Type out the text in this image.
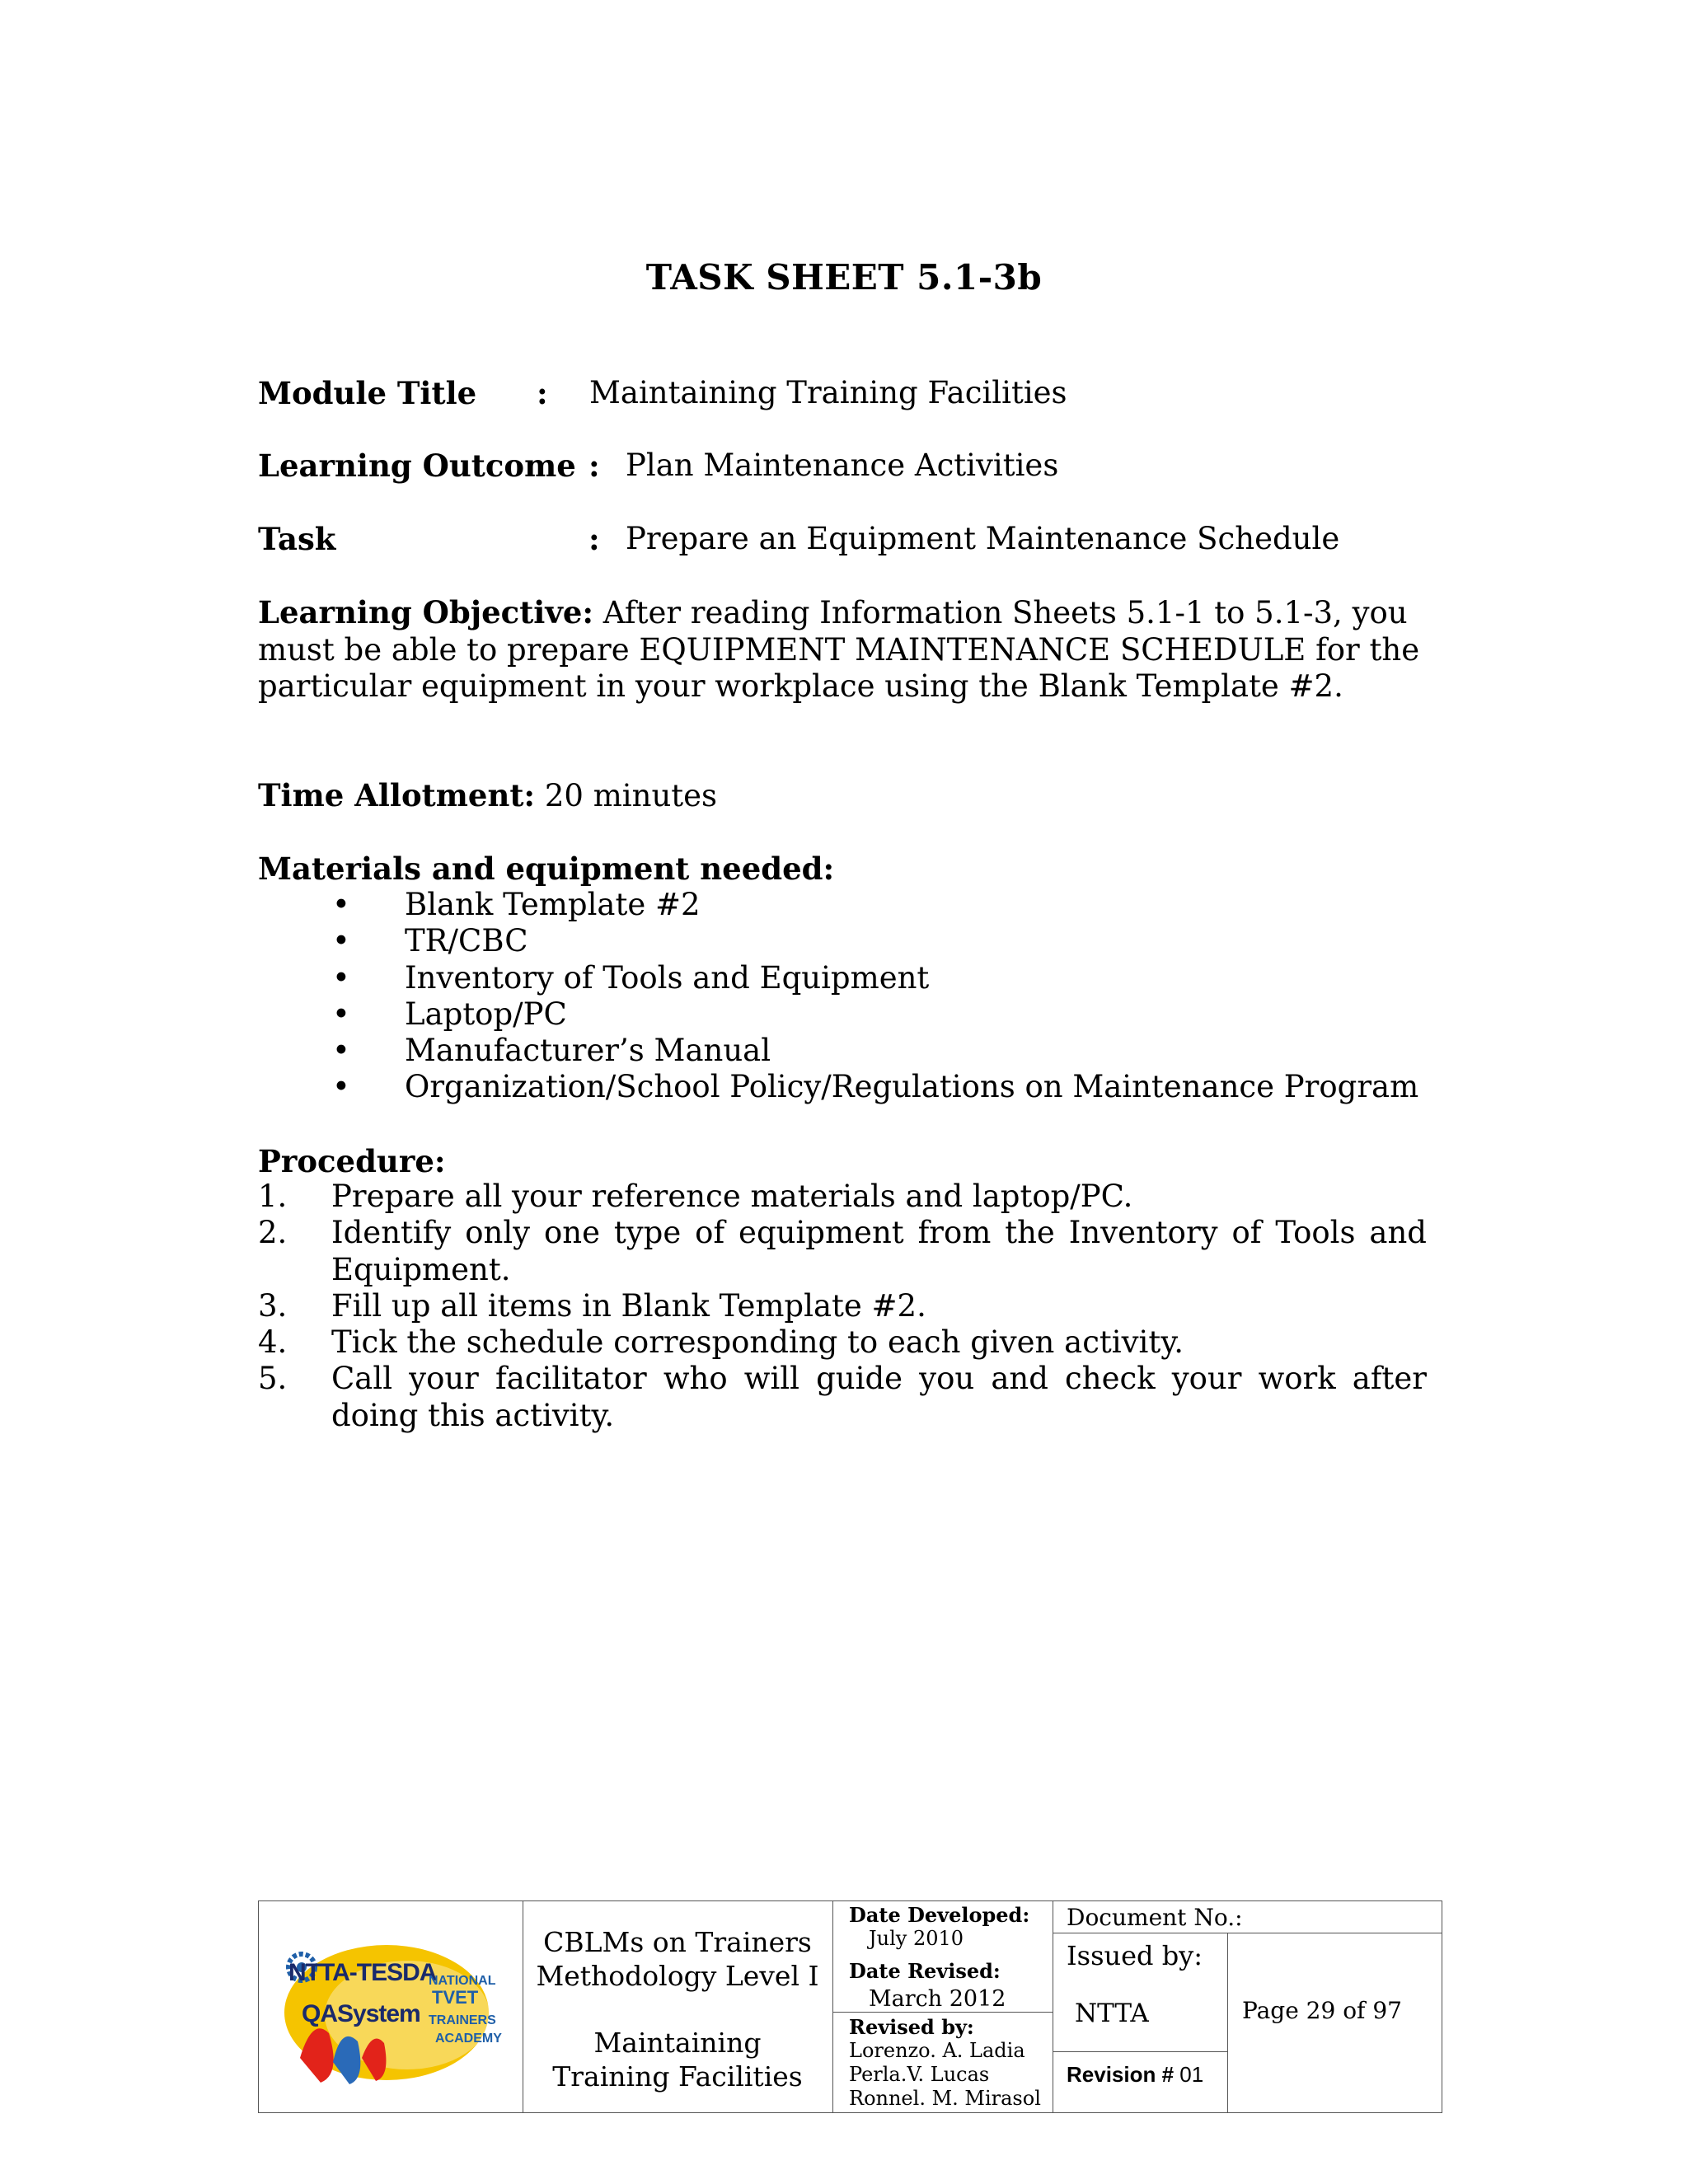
TASK SHEET 5.1-3b
Module Title : Maintaining Training Facilities
Learning Outcome : Plan Maintenance Activities
Task	: Prepare an Equipment Maintenance Schedule
Learning Objective: After reading Information Sheets 5.1-1 to 5.1-3, you must be able to prepare EQUIPMENT MAINTENANCE SCHEDULE for the particular equipment in your workplace using the Blank Template #2.
Time Allotment: 20 minutes
Materials and equipment needed:
• Blank Template #2
• TR/CBC
• Inventory of Tools and Equipment
• Laptop/PC
• Manufacturer’s Manual
• Organization/School Policy/Regulations on Maintenance Program
Procedure:
1. Prepare all your reference materials and laptop/PC.
2. Identify only one type of equipment from the Inventory of Tools and Equipment.
3. Fill up all items in Blank Template #2.
4. Tick the schedule corresponding to each given activity.
5. Call your facilitator who will guide you and check your work after doing this activity.
NTTA-TESDA
QASystem
NATIONAL
TVET
TRAINERS
ACADEMY
CBLMs on Trainers
Methodology Level I
Maintaining
Training Facilities
Date Developed:
July 2010
Date Revised:
March 2012
Revised by:
Lorenzo. A. Ladia
Perla.V. Lucas
Ronnel. M. Mirasol
Document No.:
Issued by:
NTTA
Revision # 01
Page 29 of 97
